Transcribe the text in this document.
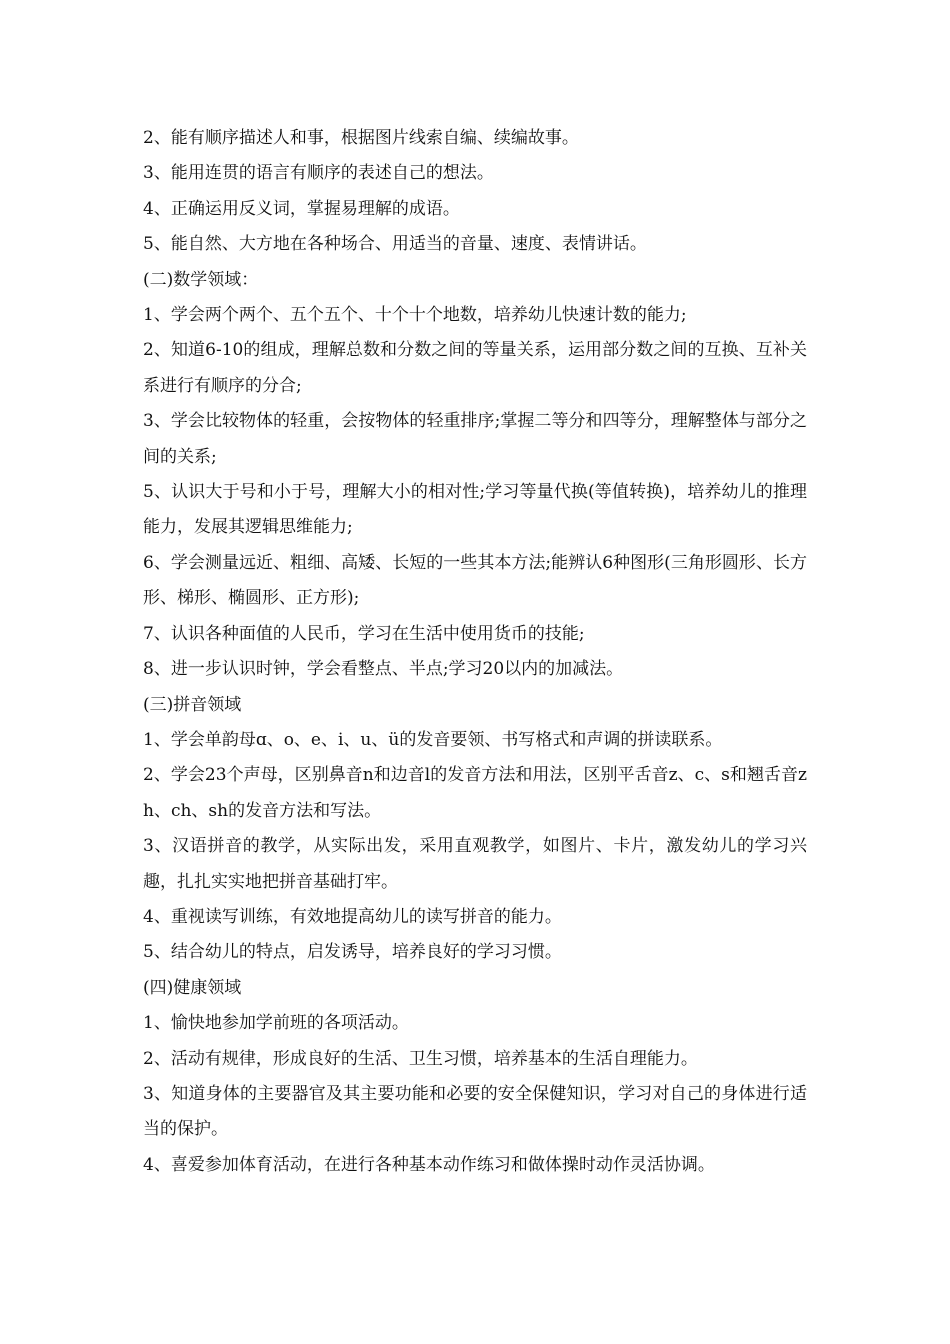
2、能有顺序描述人和事，根据图片线索自编、续编故事。

3、能用连贯的语言有顺序的表述自己的想法。

4、正确运用反义词，掌握易理解的成语。

5、能自然、大方地在各种场合、用适当的音量、速度、表情讲话。

(二)数学领域：

1、学会两个两个、五个五个、十个十个地数，培养幼儿快速计数的能力;

2、知道6-10的组成，理解总数和分数之间的等量关系，运用部分数之间的互换、互补关系进行有顺序的分合;

3、学会比较物体的轻重，会按物体的轻重排序;掌握二等分和四等分，理解整体与部分之间的关系;

5、认识大于号和小于号，理解大小的相对性;学习等量代换(等值转换)，培养幼儿的推理能力，发展其逻辑思维能力;

6、学会测量远近、粗细、高矮、长短的一些其本方法;能辨认6种图形(三角形圆形、长方形、梯形、椭圆形、正方形);

7、认识各种面值的人民币，学习在生活中使用货币的技能;

8、进一步认识时钟，学会看整点、半点;学习20以内的加减法。

(三)拼音领域

1、学会单韵母ɑ、o、e、i、u、ü的发音要领、书写格式和声调的拼读联系。

2、学会23个声母，区别鼻音n和边音l的发音方法和用法，区别平舌音z、c、s和翘舌音zh、ch、sh的发音方法和写法。

3、汉语拼音的教学，从实际出发，采用直观教学，如图片、卡片，激发幼儿的学习兴趣，扎扎实实地把拼音基础打牢。

4、重视读写训练，有效地提高幼儿的读写拼音的能力。

5、结合幼儿的特点，启发诱导，培养良好的学习习惯。

(四)健康领域

1、愉快地参加学前班的各项活动。

2、活动有规律，形成良好的生活、卫生习惯，培养基本的生活自理能力。

3、知道身体的主要器官及其主要功能和必要的安全保健知识，学习对自己的身体进行适当的保护。

4、喜爱参加体育活动，在进行各种基本动作练习和做体操时动作灵活协调。
